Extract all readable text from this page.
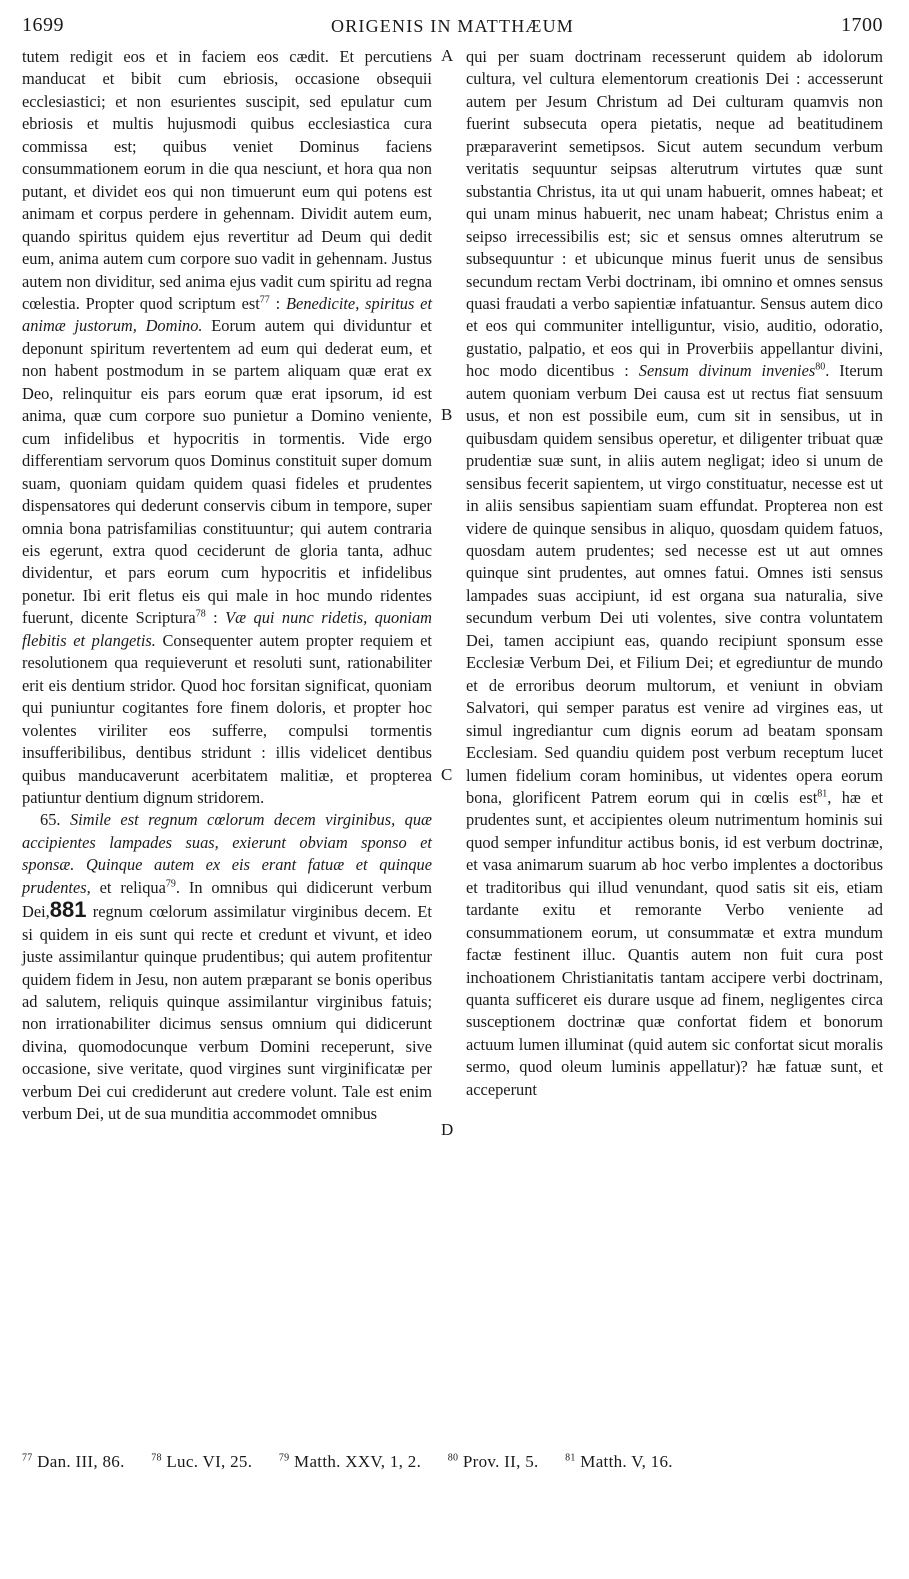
1699	ORIGENIS IN MATTHÆUM	1700

tutem redigit eos et in faciem eos cædit. Et percutiens manducat et bibit cum ebriosis, occasione obsequii ecclesiastici; et non esurientes suscipit, sed epulatur cum ebriosis et multis hujusmodi quibus ecclesiastica cura commissa est; quibus veniet Dominus faciens consummationem eorum in die qua nesciunt, et hora qua non putant, et dividet eos qui non timuerunt eum qui potens est animam et corpus perdere in gehennam. Dividit autem eum, quando spiritus quidem ejus revertitur ad Deum qui dedit eum, anima autem cum corpore suo vadit in gehennam. Justus autem non dividitur, sed anima ejus vadit cum spiritu ad regna cœlestia. Propter quod scriptum est$^{77}$ : Benedicite, spiritus et animæ justorum, Domino. Eorum autem qui dividuntur et deponunt spiritum revertentem ad eum qui dederat eum, et non habent postmodum in se partem aliquam quæ erat ex Deo, relinquitur eis pars eorum quæ erat ipsorum, id est anima, quæ cum corpore suo punietur a Domino veniente, cum infidelibus et hypocritis in tormentis. Vide ergo differentiam servorum quos Dominus constituit super domum suam, quoniam quidam quidem quasi fideles et prudentes dispensatores qui dederunt conservis cibum in tempore, super omnia bona patrisfamilias constituuntur; qui autem contraria eis egerunt, extra quod ceciderunt de gloria tanta, adhuc dividentur, et pars eorum cum hypocritis et infidelibus ponetur. Ibi erit fletus eis qui male in hoc mundo ridentes fuerunt, dicente Scriptura$^{78}$ : Væ qui nunc ridetis, quoniam flebitis et plangetis. Consequenter autem propter requiem et resolutionem qua requieverunt et resoluti sunt, rationabiliter erit eis dentium stridor. Quod hoc forsitan significat, quoniam qui puniuntur cogitantes fore finem doloris, et propter hoc volentes viriliter eos sufferre, compulsi tormentis insufferibilibus, dentibus stridunt : illis videlicet dentibus quibus manducaverunt acerbitatem malitiæ, et propterea patiuntur dentium dignum stridorem.

65. Simile est regnum cœlorum decem virginibus, quæ accipientes lampades suas, exierunt obviam sponso et sponsæ. Quinque autem ex eis erant fatuæ et quinque prudentes, et reliqua$^{79}$. In omnibus qui didicerunt verbum Dei,881 regnum cœlorum assimilatur virginibus decem. Et si quidem in eis sunt qui recte et credunt et vivunt, et ideo juste assimilantur quinque prudentibus; qui autem profitentur quidem fidem in Jesu, non autem præparant se bonis operibus ad salutem, reliquis quinque assimilantur virginibus fatuis; non irrationabiliter dicimus sensus omnium qui didicerunt divina, quomodocunque verbum Domini receperunt, sive occasione, sive veritate, quod virgines sunt virginificatæ per verbum Dei cui crediderunt aut credere volunt. Tale est enim verbum Dei, ut de sua munditia accommodet omnibus

A
B
C
D

qui per suam doctrinam recesserunt quidem ab idolorum cultura, vel cultura elementorum creationis Dei : accesserunt autem per Jesum Christum ad Dei culturam quamvis non fuerint subsecuta opera pietatis, neque ad beatitudinem præparaverint semetipsos. Sicut autem secundum verbum veritatis sequuntur seipsas alterutrum virtutes quæ sunt substantia Christus, ita ut qui unam habuerit, omnes habeat; et qui unam minus habuerit, nec unam habeat; Christus enim a seipso irrecessibilis est; sic et sensus omnes alterutrum se subsequuntur : et ubicunque minus fuerit unus de sensibus secundum rectam Verbi doctrinam, ibi omnino et omnes sensus quasi fraudati a verbo sapientiæ infatuantur. Sensus autem dico et eos qui communiter intelliguntur, visio, auditio, odoratio, gustatio, palpatio, et eos qui in Proverbiis appellantur divini, hoc modo dicentibus : Sensum divinum invenies$^{80}$. Iterum autem quoniam verbum Dei causa est ut rectus fiat sensuum usus, et non est possibile eum, cum sit in sensibus, ut in quibusdam quidem sensibus operetur, et diligenter tribuat quæ prudentiæ suæ sunt, in aliis autem negligat; ideo si unum de sensibus fecerit sapientem, ut virgo constituatur, necesse est ut in aliis sensibus sapientiam suam effundat. Propterea non est videre de quinque sensibus in aliquo, quosdam quidem fatuos, quosdam autem prudentes; sed necesse est ut aut omnes quinque sint prudentes, aut omnes fatui. Omnes isti sensus lampades suas accipiunt, id est organa sua naturalia, sive secundum verbum Dei uti volentes, sive contra voluntatem Dei, tamen accipiunt eas, quando recipiunt sponsum esse Ecclesiæ Verbum Dei, et Filium Dei; et egrediuntur de mundo et de erroribus deorum multorum, et veniunt in obviam Salvatori, qui semper paratus est venire ad virgines eas, ut simul ingrediantur cum dignis eorum ad beatam sponsam Ecclesiam. Sed quandiu quidem post verbum receptum lucet lumen fidelium coram hominibus, ut videntes opera eorum bona, glorificent Patrem eorum qui in cœlis est$^{81}$, hæ et prudentes sunt, et accipientes oleum nutrimentum hominis sui quod semper infunditur actibus bonis, id est verbum doctrinæ, et vasa animarum suarum ab hoc verbo implentes a doctoribus et traditoribus qui illud venundant, quod satis sit eis, etiam tardante exitu et remorante Verbo veniente ad consummationem eorum, ut consummatæ et extra mundum factæ festinent illuc. Quantis autem non fuit cura post inchoationem Christianitatis tantam accipere verbi doctrinam, quanta sufficeret eis durare usque ad finem, negligentes circa susceptionem doctrinæ quæ confortat fidem et bonorum actuum lumen illuminat (quid autem sic confortat sicut moralis sermo, quod oleum luminis appellatur)? hæ fatuæ sunt, et acceperunt

$^{77}$ Dan. III, 86.	$^{78}$ Luc. VI, 25.	$^{79}$ Matth. XXV, 1, 2.	$^{80}$ Prov. II, 5.	$^{81}$ Matth. V, 16.
